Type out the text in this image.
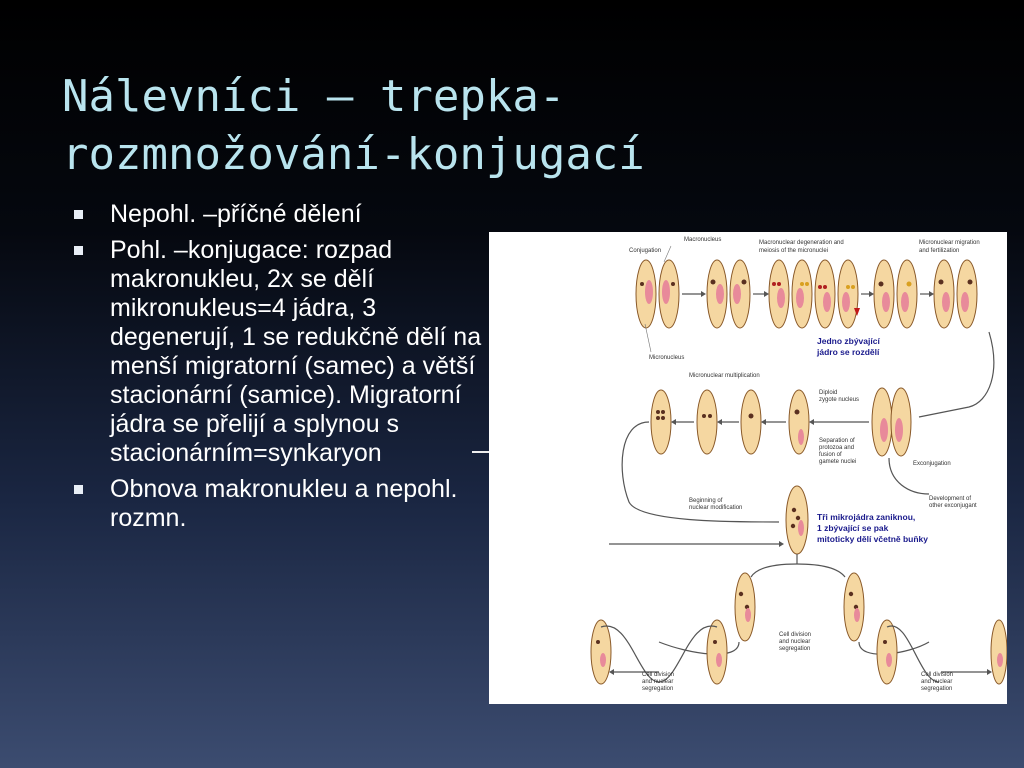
Nálevníci – trepka-
rozmnožování-konjugací
Nepohl. –příčné dělení
Pohl. –konjugace: rozpad makronukleu, 2x se dělí mikronukleus=4 jádra, 3 degenerují, 1 se redukčně dělí na menší migratorní (samec) a větší stacionární (samice). Migratorní jádra se přelijí a splynou s stacionárním=synkaryon
Obnova makronukleu a nepohl. rozmn.
Conjugation
Macronucleus
Micronucleus
Macronuclear degeneration and
meiosis of the micronuclei
Micronuclear migration
and fertilization
Jedno zbývající
jádro se rozdělí
Micronuclear multiplication
Diploid
zygote nucleus
Separation of
protozoa and
fusion of
gamete nuclei	Exconjugation
Development of
other exconjugant
Beginning of
nuclear modification
Tři mikrojádra zaniknou,
1 zbývající se pak
mitoticky dělí včetně buňky
Cell division
and nuclear
segregation
Cell division
and nuclear
segregation
Cell division
and nuclear
segregation
